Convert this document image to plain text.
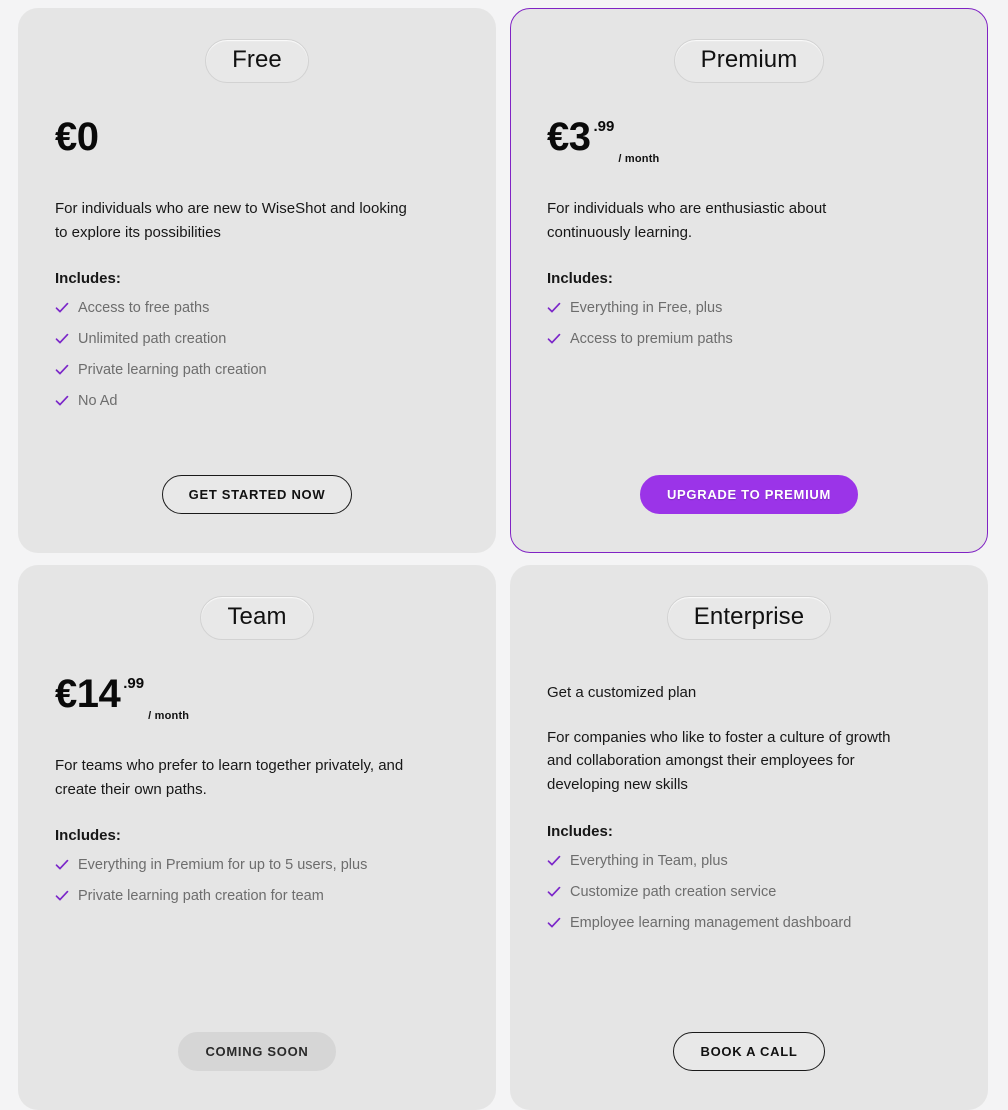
Free
€0

For individuals who are new to WiseShot and looking to explore its possibilities

Includes:
Access to free paths
Unlimited path creation
Private learning path creation
No Ad
GET STARTED NOW
Premium
€3 .99
/ month

For individuals who are enthusiastic about continuously learning.

Includes:
Everything in Free, plus
Access to premium paths
UPGRADE TO PREMIUM
Team
€14 .99
/ month

For teams who prefer to learn together privately, and create their own paths.

Includes:
Everything in Premium for up to 5 users, plus
Private learning path creation for team
COMING SOON
Enterprise
Get a customized plan

For companies who like to foster a culture of growth and collaboration amongst their employees for developing new skills

Includes:
Everything in Team, plus
Customize path creation service
Employee learning management dashboard
BOOK A CALL
